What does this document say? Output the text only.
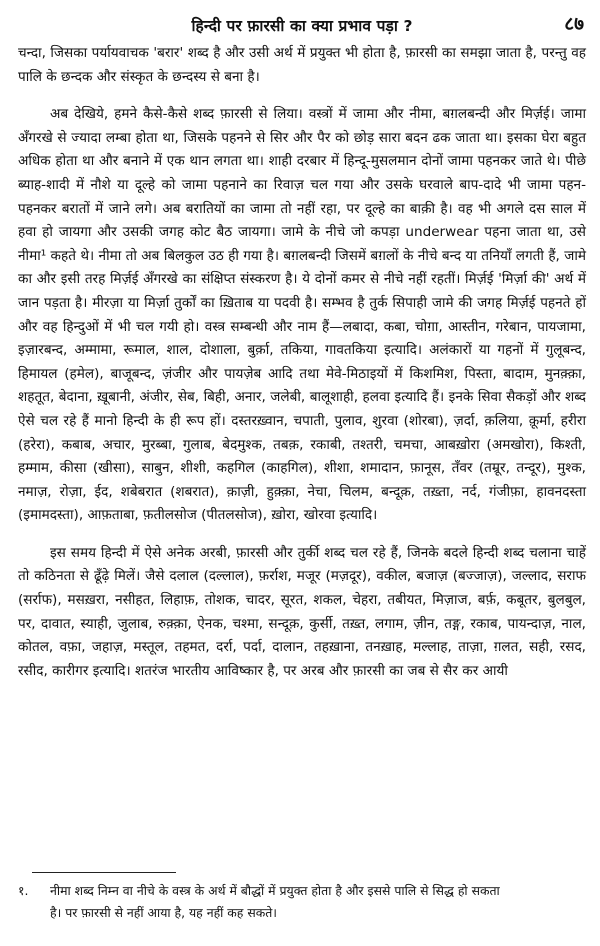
हिन्दी पर फ़ारसी का क्या प्रभाव पड़ा ?	८७

चन्दा, जिसका पर्यायवाचक 'बरार' शब्द है और उसी अर्थ में प्रयुक्त भी होता है, फ़ारसी का समझा जाता है, परन्तु वह पालि के छन्दक और संस्कृत के छन्दस्य से बना है।

अब देखिये, हमने कैसे-कैसे शब्द फ़ारसी से लिया। वस्त्रों में जामा और नीमा, बग़लबन्दी और मिर्ज़ई। जामा अँगरखे से ज्यादा लम्बा होता था, जिसके पहनने से सिर और पैर को छोड़ सारा बदन ढक जाता था। इसका घेरा बहुत अधिक होता था और बनाने में एक थान लगता था। शाही दरबार में हिन्दू-मुसलमान दोनों जामा पहनकर जाते थे। पीछे ब्याह-शादी में नौशे या दूल्हे को जामा पहनाने का रिवाज़ चल गया और उसके घरवाले बाप-दादे भी जामा पहन-पहनकर बरातों में जाने लगे। अब बरातियों का जामा तो नहीं रहा, पर दूल्हे का बाक़ी है। वह भी अगले दस साल में हवा हो जायगा और उसकी जगह कोट बैठ जायगा। जामे के नीचे जो कपड़ा underwear पहना जाता था, उसे नीमा¹ कहते थे। नीमा तो अब बिलकुल उठ ही गया है। बग़लबन्दी जिसमें बग़लों के नीचे बन्द या तनियाँ लगती हैं, जामे का और इसी तरह मिर्ज़ई अँगरखे का संक्षिप्त संस्करण है। ये दोनों कमर से नीचे नहीं रहतीं। मिर्ज़ई 'मिर्ज़ा की' अर्थ में जान पड़ता है। मीरज़ा या मिर्ज़ा तुर्कों का ख़िताब या पदवी है। सम्भव है तुर्क सिपाही जामे की जगह मिर्ज़ई पहनते हों और वह हिन्दुओं में भी चल गयी हो। वस्त्र सम्बन्धी और नाम हैं—लबादा, कबा, चोग़ा, आस्तीन, गरेबान, पायजामा, इज़ारबन्द, अम्मामा, रूमाल, शाल, दोशाला, बुर्क़ा, तकिया, गावतकिया इत्यादि। अलंकारों या गहनों में गुलूबन्द, हिमायल (हमेल), बाजूबन्द, ज़ंजीर और पायज़ेब आदि तथा मेवे-मिठाइयों में किशमिश, पिस्ता, बादाम, मुनक़्क़ा, शहतूत, बेदाना, ख़ूबानी, अंजीर, सेब, बिही, अनार, जलेबी, बालूशाही, हलवा इत्यादि हैं। इनके सिवा सैकड़ों और शब्द ऐसे चल रहे हैं मानो हिन्दी के ही रूप हों। दस्तरख़्वान, चपाती, पुलाव, शुरवा (शोरबा), ज़र्दा, क़लिया, क़ूर्मा, हरीरा (हरेरा), कबाब, अचार, मुरब्बा, गुलाब, बेदमुश्क, तबक़, रकाबी, तश्तरी, चमचा, आबख़ोरा (अमखोरा), किश्ती, हम्माम, कीसा (खीसा), साबुन, शीशी, कहगिल (काहगिल), शीशा, शमादान, फ़ानूस, तँवर (तम्रूर, तन्दूर), मुश्क, नमाज़, रोज़ा, ईद, शबेबरात (शबरात), क़ाज़ी, हुक़्क़ा, नेचा, चिलम, बन्दूक़, तख़्ता, नर्द, गंजीफ़ा, हावनदस्ता (इमामदस्ता), आफ़ताबा, फ़तीलसोज (पीतलसोज), ख़ोरा, खोरवा इत्यादि।

इस समय हिन्दी में ऐसे अनेक अरबी, फ़ारसी और तुर्की शब्द चल रहे हैं, जिनके बदले हिन्दी शब्द चलाना चाहें तो कठिनता से ढूँढ़े मिलें। जैसे दलाल (दल्लाल), फ़र्राश, मजूर (मज़दूर), वकील, बजाज़ (बज्जाज़), जल्लाद, सराफ (सर्राफ), मसख़रा, नसीहत, लिहाफ़, तोशक, चादर, सूरत, शकल, चेहरा, तबीयत, मिज़ाज, बर्फ़, कबूतर, बुलबुल, पर, दावात, स्याही, जुलाब, रुक़्क़ा, ऐनक, चश्मा, सन्दूक़, कुर्सी, तख़्त, लगाम, ज़ीन, तङ्ग, रकाब, पायन्दाज़, नाल, कोतल, वफ़ा, जहाज़, मस्तूल, तहमत, दर्रा, पर्दा, दालान, तहख़ाना, तनख़ाह, मल्लाह, ताज़ा, ग़लत, सही, रसद, रसीद, कारीगर इत्यादि। शतरंज भारतीय आविष्कार है, पर अरब और फ़ारसी का जब से सैर कर आयी

१. नीमा शब्द निम्न वा नीचे के वस्त्र के अर्थ में बौद्धों में प्रयुक्त होता है और इससे पालि से सिद्ध हो सकता
है। पर फ़ारसी से नहीं आया है, यह नहीं कह सकते।
